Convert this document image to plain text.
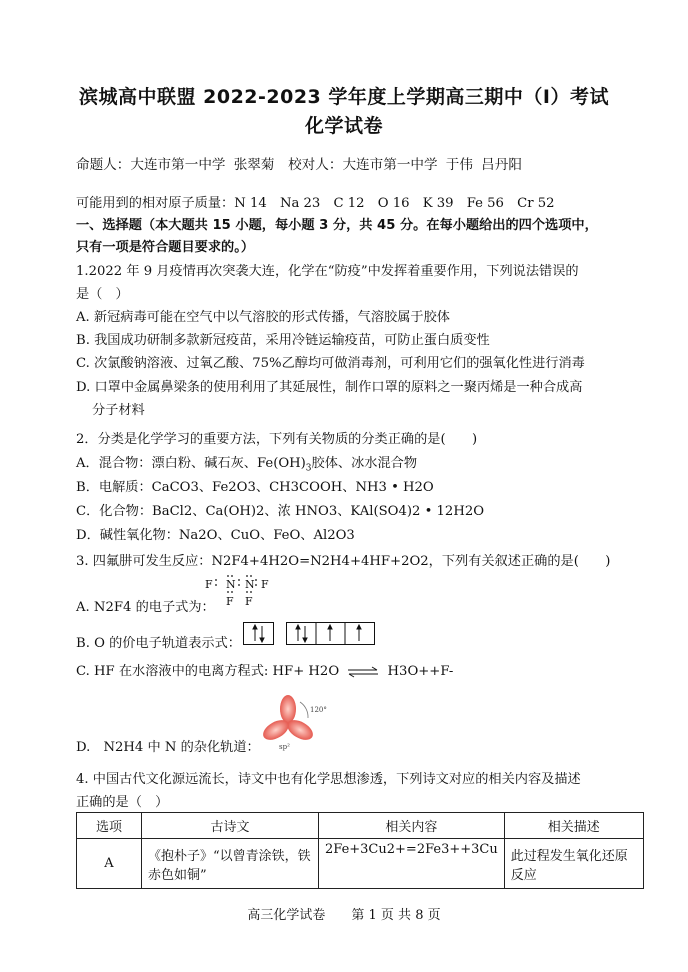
滨城高中联盟 2022-2023 学年度上学期高三期中（Ⅰ）考试
化学试卷
命题人：大连市第一中学 张翠菊　校对人：大连市第一中学 于伟 吕丹阳
可能用到的相对原子质量：N 14　Na 23　C 12　O 16　K 39　Fe 56　Cr 52
一、选择题（本大题共 15 小题，每小题 3 分，共 45 分。在每小题给出的四个选项中，
只有一项是符合题目要求的。）
1.2022 年 9 月疫情再次突袭大连，化学在“防疫”中发挥着重要作用，下列说法错误的
是（　）
A. 新冠病毒可能在空气中以气溶胶的形式传播，气溶胶属于胶体
B. 我国成功研制多款新冠疫苗，采用冷链运输疫苗，可防止蛋白质变性
C. 次氯酸钠溶液、过氧乙酸、75%乙醇均可做消毒剂，可利用它们的强氧化性进行消毒
D. 口罩中金属鼻梁条的使用利用了其延展性，制作口罩的原料之一聚丙烯是一种合成高
分子材料
2．分类是化学学习的重要方法，下列有关物质的分类正确的是(　　)
A．混合物：漂白粉、碱石灰、$Fe(OH)_3$胶体、冰水混合物
B．电解质：CaCO3、Fe2O3、CH3COOH、NH3 • H2O
C．化合物：BaCl2、Ca(OH)2、浓 HNO3、KAl(SO4)2 • 12H2O
D．碱性氧化物：Na2O、CuO、FeO、Al2O3
3. 四氟肼可发生反应：N2F4+4H2O=N2H4+4HF+2O2，下列有关叙述正确的是(　　)
F N N F
F F
A. N2F4 的电子式为：
B. O 的价电子轨道表示式：
C. HF 在水溶液中的电离方程式: HF+ H2O ⇌ H3O++F-
120°
sp²
D.　N2H4 中 N 的杂化轨道：
4. 中国古代文化源远流长，诗文中也有化学思想渗透，下列诗文对应的相关内容及描述
正确的是（　）
选项	古诗文	相关内容	相关描述
A	《抱朴子》“以曾青涂铁，铁赤色如铜”	2Fe+3Cu2+=2Fe3++3Cu	此过程发生氧化还原反应
高三化学试卷　　第 1 页 共 8 页
